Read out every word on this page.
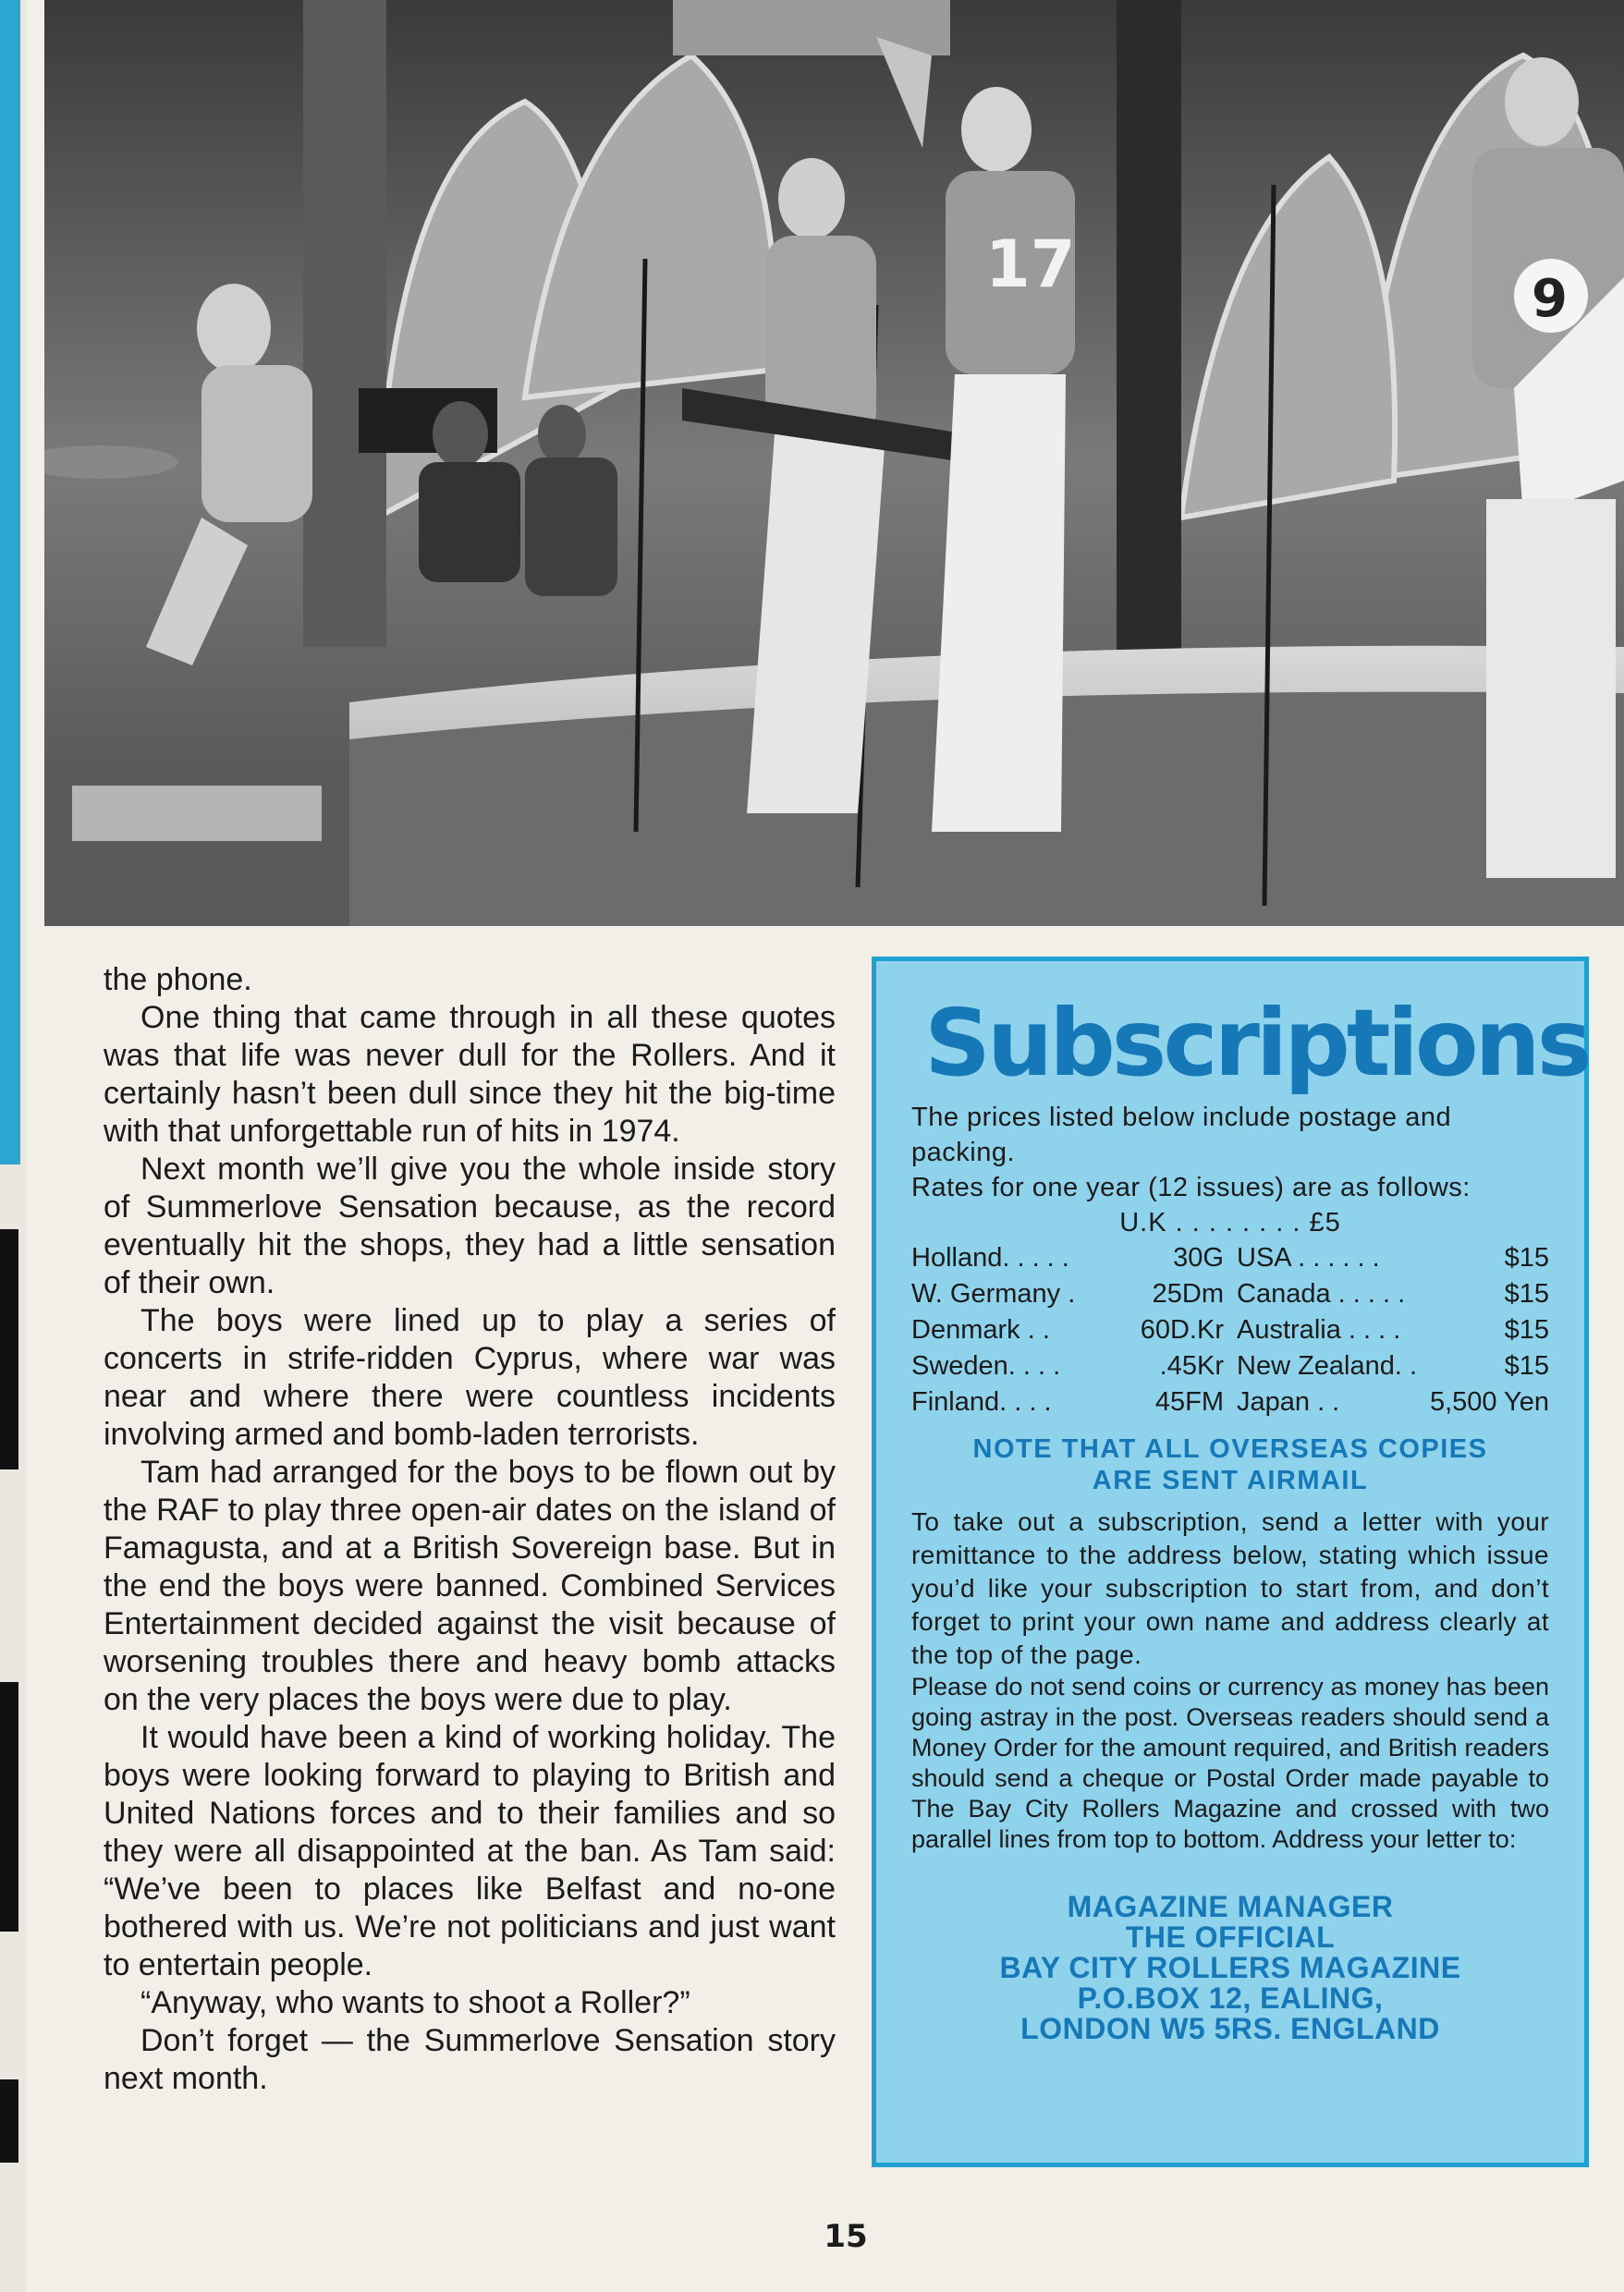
17	9

the phone.

One thing that came through in all these quotes was that life was never dull for the Rollers. And it certainly hasn’t been dull since they hit the big-time with that unforgettable run of hits in 1974.

Next month we’ll give you the whole inside story of Summerlove Sensation because, as the record eventually hit the shops, they had a little sensation of their own.

The boys were lined up to play a series of concerts in strife-ridden Cyprus, where war was near and where there were countless incidents involving armed and bomb-laden terrorists.

Tam had arranged for the boys to be flown out by the RAF to play three open-air dates on the island of Famagusta, and at a British Sovereign base. But in the end the boys were banned. Combined Services Entertainment decided against the visit because of worsening troubles there and heavy bomb attacks on the very places the boys were due to play.

It would have been a kind of working holiday. The boys were looking forward to playing to British and United Nations forces and to their families and so they were all disappointed at the ban. As Tam said: “We’ve been to places like Belfast and no-one bothered with us. We’re not politicians and just want to entertain people.

“Anyway, who wants to shoot a Roller?”

Don’t forget — the Summerlove Sensation story next month.

Subscriptions

The prices listed below include postage and packing.

Rates for one year (12 issues) are as follows:

U.K . . . . . . . . £5

Holland. . . . .	30G USA . . . . . .	$15
W. Germany .	25Dm Canada . . . . .	$15
Denmark . .	60D.Kr Australia . . . .	$15
Sweden. . . .	.45Kr New Zealand. .	$15
Finland. . . .	45FM Japan . .	5,500 Yen
NOTE THAT ALL OVERSEAS COPIES
ARE SENT AIRMAIL

To take out a subscription, send a letter with your remittance to the address below, stating which issue you’d like your subscription to start from, and don’t forget to print your own name and address clearly at the top of the page.

Please do not send coins or currency as money has been going astray in the post. Overseas readers should send a Money Order for the amount required, and British readers should send a cheque or Postal Order made payable to The Bay City Rollers Magazine and crossed with two parallel lines from top to bottom. Address your letter to:

MAGAZINE MANAGER
THE OFFICIAL
BAY CITY ROLLERS MAGAZINE
P.O.BOX 12, EALING,
LONDON W5 5RS. ENGLAND
15
